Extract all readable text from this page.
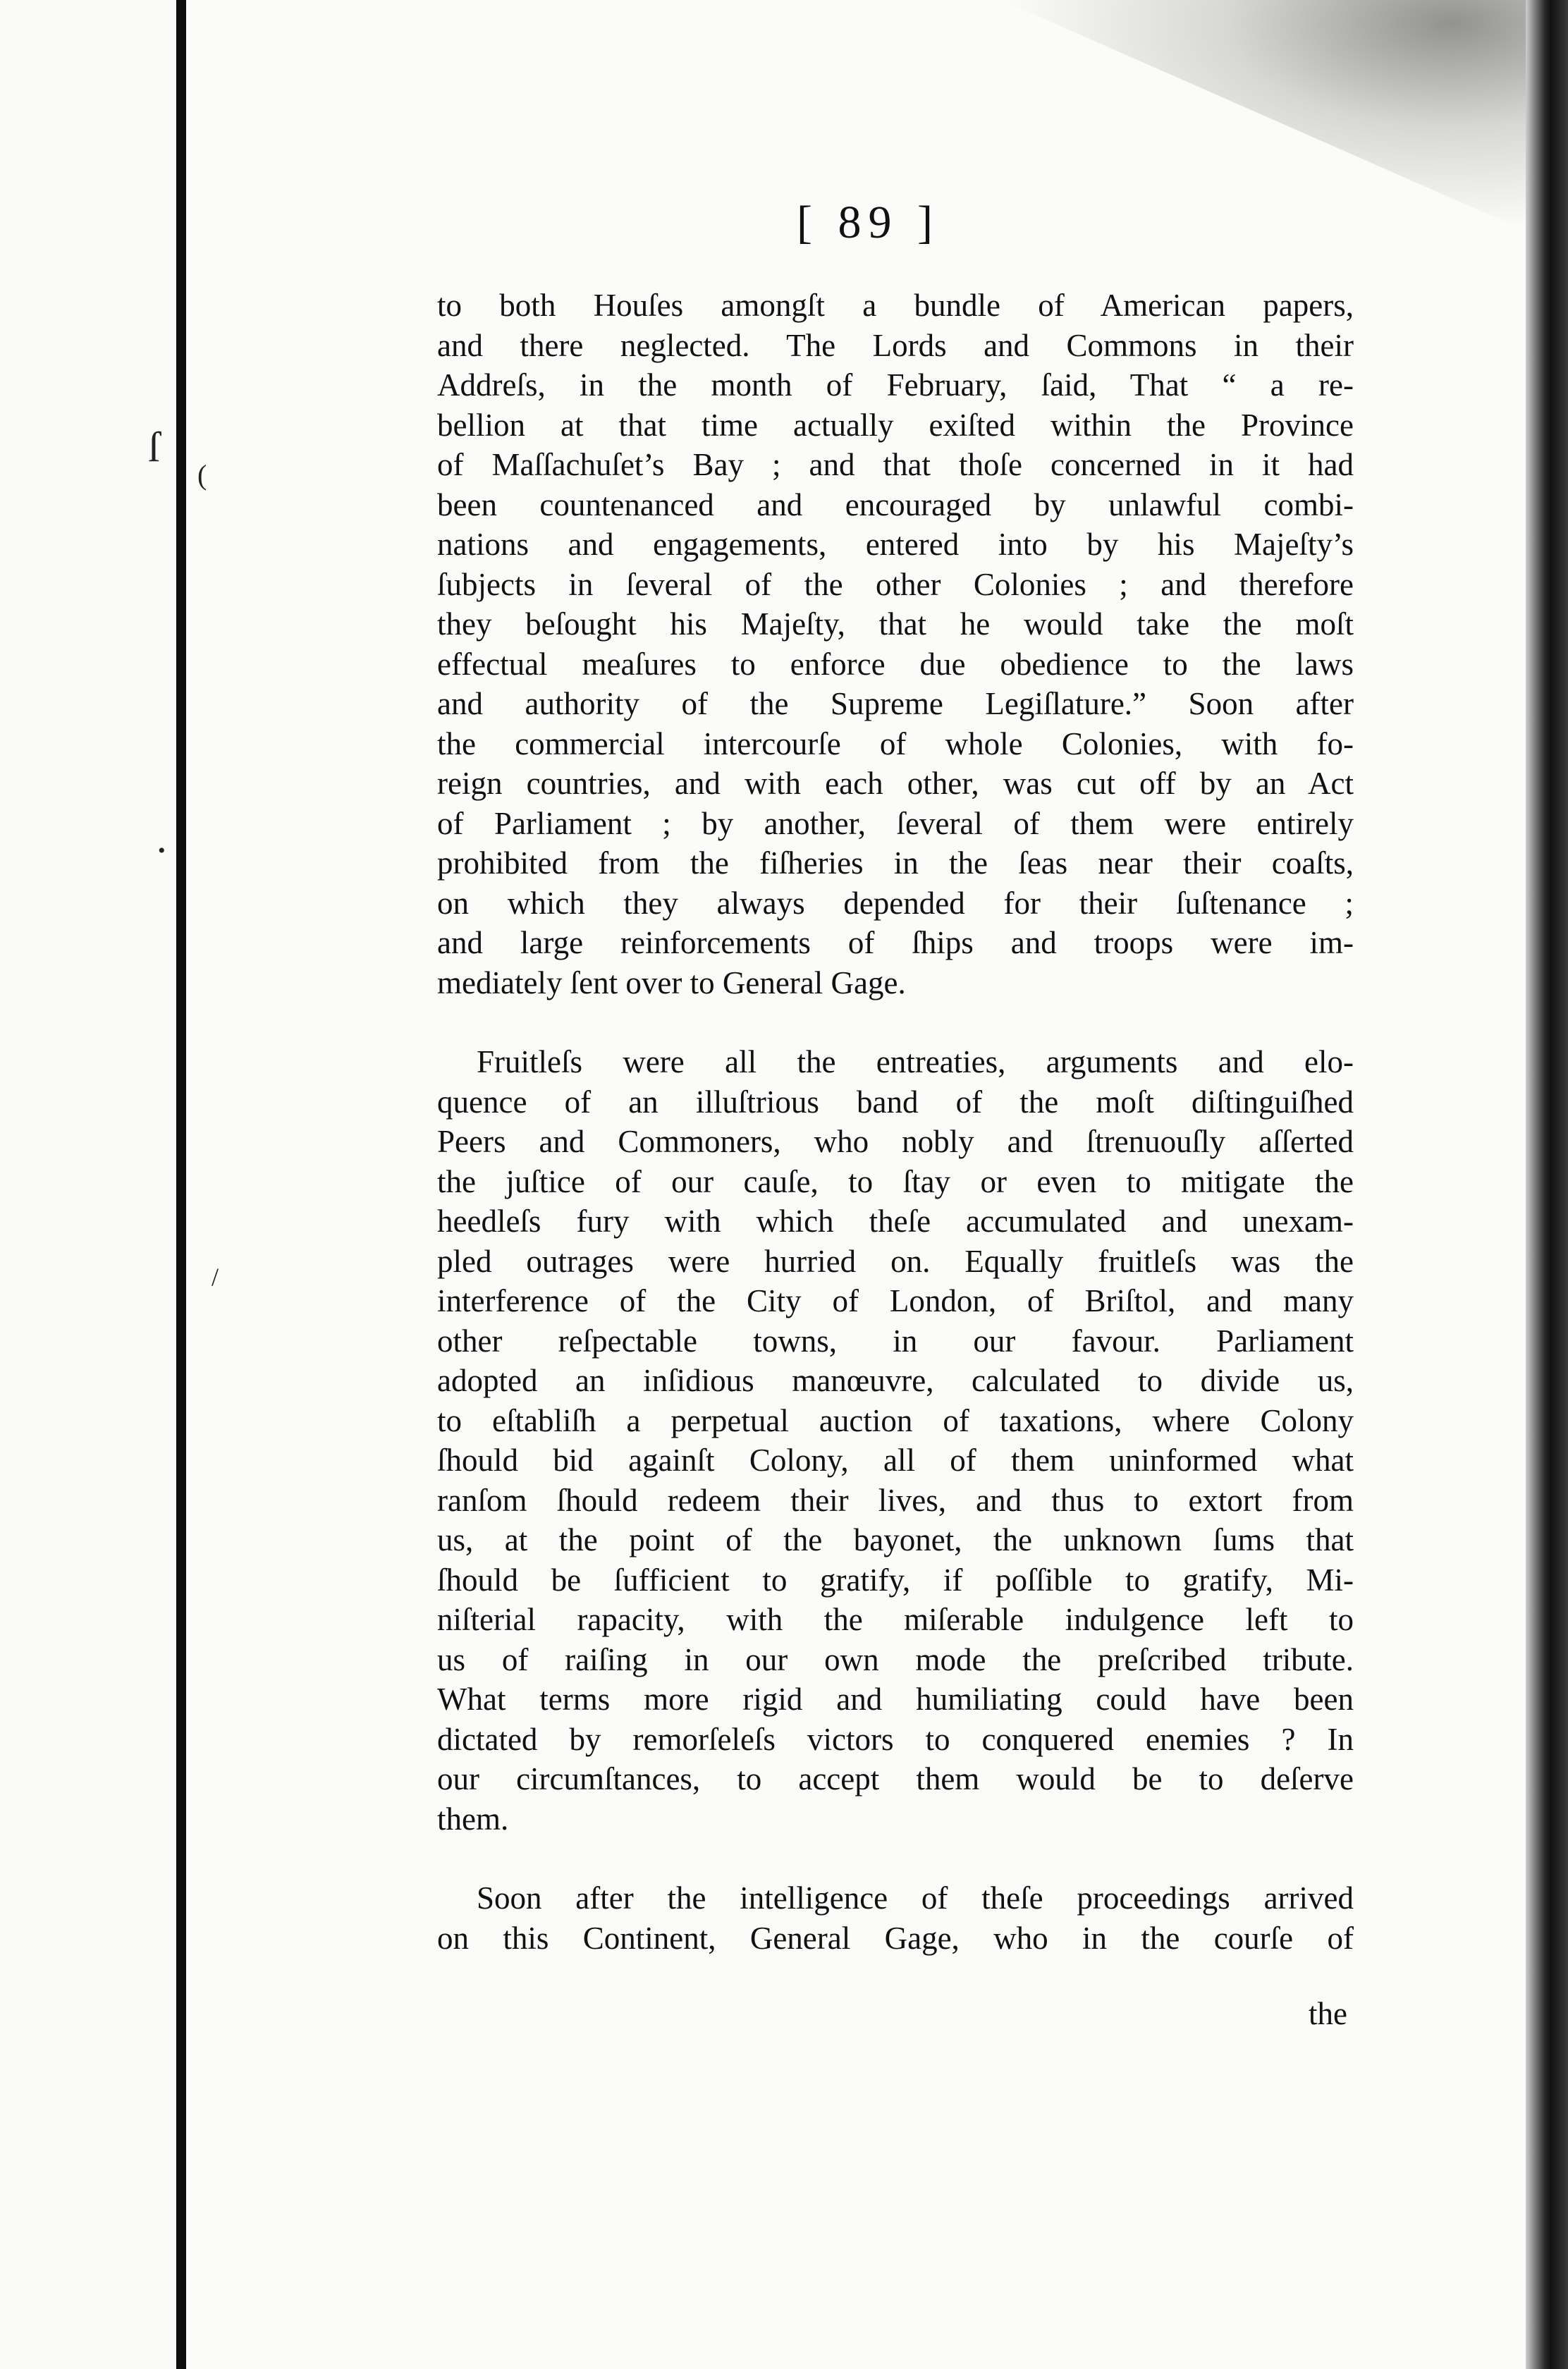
ſ
(
•
/
[ 89 ]
to both Houſes amongſt a bundle of American papers,
and there neglected. The Lords and Commons in their
Addreſs, in the month of February, ſaid, That “ a re-
bellion at that time actually exiſted within the Province
of Maſſachuſet’s Bay ; and that thoſe concerned in it had
been countenanced and encouraged by unlawful combi-
nations and engagements, entered into by his Majeſty’s
ſubjects in ſeveral of the other Colonies ; and therefore
they beſought his Majeſty, that he would take the moſt
effectual meaſures to enforce due obedience to the laws
and authority of the Supreme Legiſlature.” Soon after
the commercial intercourſe of whole Colonies, with fo-
reign countries, and with each other, was cut off by an Act
of Parliament ; by another, ſeveral of them were entirely
prohibited from the fiſheries in the ſeas near their coaſts,
on which they always depended for their ſuſtenance ;
and large reinforcements of ſhips and troops were im-
mediately ſent over to General Gage.
Fruitleſs were all the entreaties, arguments and elo-
quence of an illuſtrious band of the moſt diſtinguiſhed
Peers and Commoners, who nobly and ſtrenuouſly aſſerted
the juſtice of our cauſe, to ſtay or even to mitigate the
heedleſs fury with which theſe accumulated and unexam-
pled outrages were hurried on. Equally fruitleſs was the
interference of the City of London, of Briſtol, and many
other reſpectable towns, in our favour. Parliament
adopted an inſidious manœuvre, calculated to divide us,
to eſtabliſh a perpetual auction of taxations, where Colony
ſhould bid againſt Colony, all of them uninformed what
ranſom ſhould redeem their lives, and thus to extort from
us, at the point of the bayonet, the unknown ſums that
ſhould be ſufficient to gratify, if poſſible to gratify, Mi-
niſterial rapacity, with the miſerable indulgence left to
us of raiſing in our own mode the preſcribed tribute.
What terms more rigid and humiliating could have been
dictated by remorſeleſs victors to conquered enemies ? In
our circumſtances, to accept them would be to deſerve
them.
Soon after the intelligence of theſe proceedings arrived
on this Continent, General Gage, who in the courſe of
the
